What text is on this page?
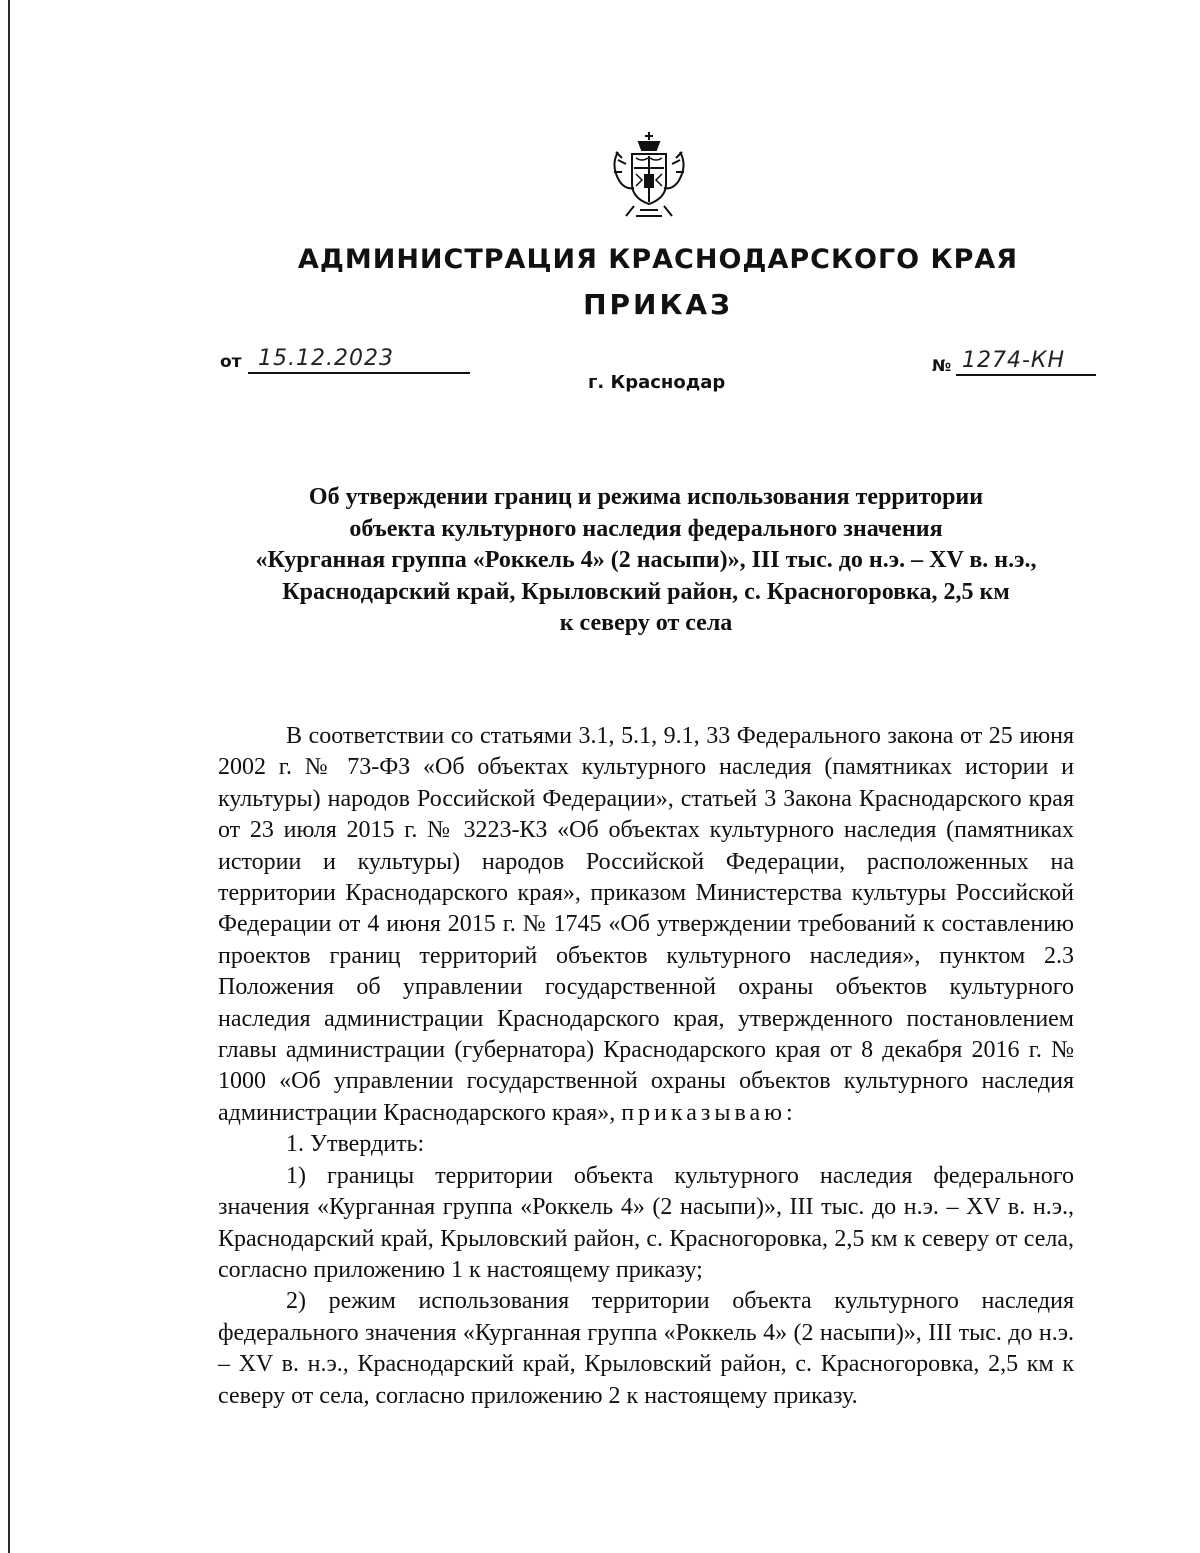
АДМИНИСТРАЦИЯ КРАСНОДАРСКОГО КРАЯ
ПРИКАЗ
от 15.12.2023
г. Краснодар
№ 1274-КН
Об утверждении границ и режима использования территории
объекта культурного наследия федерального значения
«Курганная группа «Роккель 4» (2 насыпи)», III тыс. до н.э. – XV в. н.э.,
Краснодарский край, Крыловский район, с. Красногоровка, 2,5 км
к северу от села

В соответствии со статьями 3.1, 5.1, 9.1, 33 Федерального закона от 25 июня 2002 г. № 73-ФЗ «Об объектах культурного наследия (памятниках истории и культуры) народов Российской Федерации», статьей 3 Закона Краснодарского края от 23 июля 2015 г. № 3223-КЗ «Об объектах культурного наследия (памятниках истории и культуры) народов Российской Федерации, расположенных на территории Краснодарского края», приказом Министерства культуры Российской Федерации от 4 июня 2015 г. № 1745 «Об утверждении требований к составлению проектов границ территорий объектов культурного наследия», пунктом 2.3 Положения об управлении государственной охраны объектов культурного наследия администрации Краснодарского края, утвержденного постановлением главы администрации (губернатора) Краснодарского края от 8 декабря 2016 г. № 1000 «Об управлении государственной охраны объектов культурного наследия администрации Краснодарского края», приказываю:

1. Утвердить:

1) границы территории объекта культурного наследия федерального значения «Курганная группа «Роккель 4» (2 насыпи)», III тыс. до н.э. – XV в. н.э., Краснодарский край, Крыловский район, с. Красногоровка, 2,5 км к северу от села, согласно приложению 1 к настоящему приказу;

2) режим использования территории объекта культурного наследия федерального значения «Курганная группа «Роккель 4» (2 насыпи)», III тыс. до н.э. – XV в. н.э., Краснодарский край, Крыловский район, с. Красногоровка, 2,5 км к северу от села, согласно приложению 2 к настоящему приказу.
